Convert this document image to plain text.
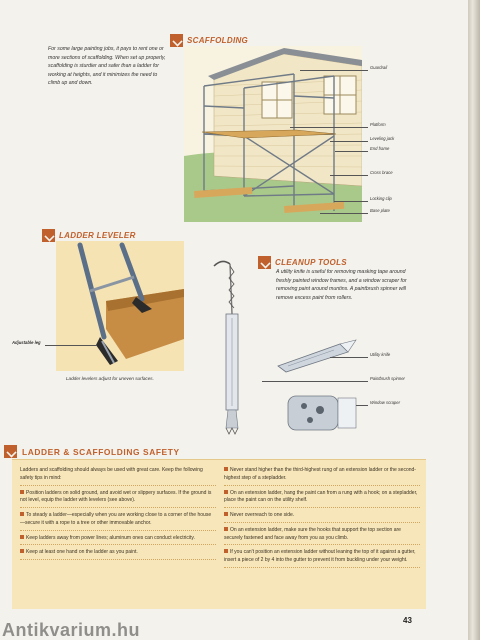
SCAFFOLDING
For some large painting jobs, it pays to rent one or more sections of scaffolding. When set up properly, scaffolding is sturdier and safer than a ladder for working at heights, and it minimizes the need to climb up and down.
Guardrail
Platform
Leveling jack
End frame
Cross brace
Locking clip
Base plate
LADDER LEVELER
Adjustable leg
Ladder levelers adjust for uneven surfaces.
CLEANUP TOOLS
A utility knife is useful for removing masking tape around freshly painted window frames, and a window scraper for removing paint around muntins. A paintbrush spinner will remove excess paint from rollers.
Utility knife
Paintbrush spinner
Window scraper
LADDER & SCAFFOLDING SAFETY

Ladders and scaffolding should always be used with great care. Keep the following safety tips in mind:

Position ladders on solid ground, and avoid wet or slippery surfaces. If the ground is not level, equip the ladder with levelers (see above).

To steady a ladder—especially when you are working close to a corner of the house—secure it with a rope to a tree or other immovable anchor.

Keep ladders away from power lines; aluminum ones can conduct electricity.

Keep at least one hand on the ladder as you paint.

Never stand higher than the third-highest rung of an extension ladder or the second-highest step of a stepladder.

On an extension ladder, hang the paint can from a rung with a hook; on a stepladder, place the paint can on the utility shelf.

Never overreach to one side.

On an extension ladder, make sure the hooks that support the top section are securely fastened and face away from you as you climb.

If you can't position an extension ladder without leaning the top of it against a gutter, insert a piece of 2 by 4 into the gutter to prevent it from buckling under your weight.

43
Antikvarium.hu
